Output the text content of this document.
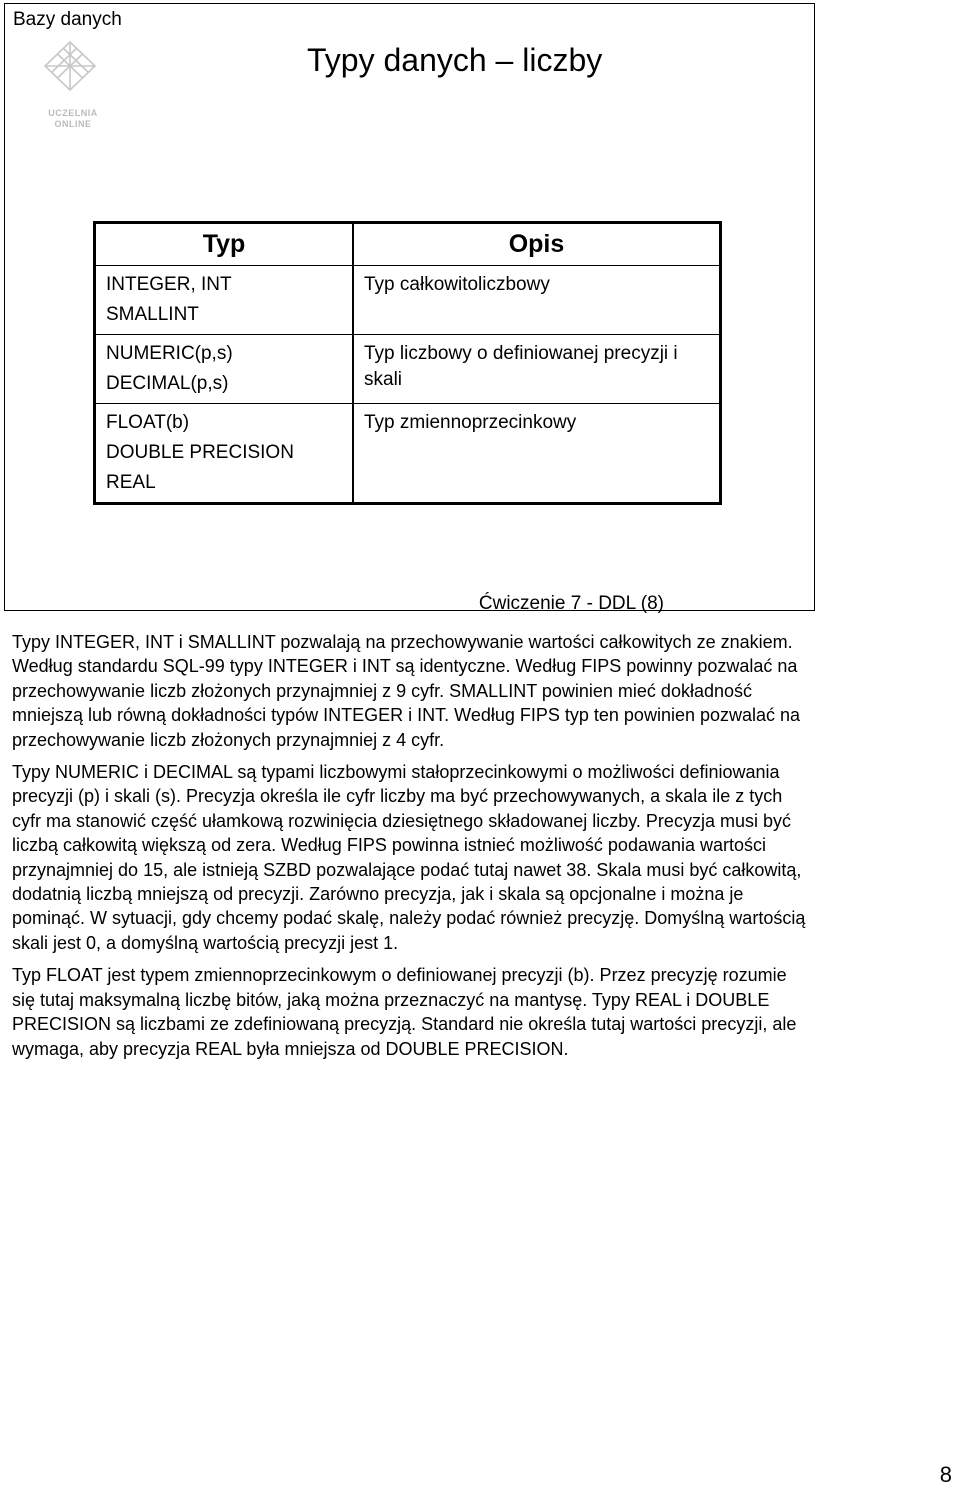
Bazy danych
UCZELNIA ONLINE
Typy danych – liczby
Typ	Opis

INTEGER, INT
SMALLINT	Typ całkowitoliczbowy

NUMERIC(p,s)
DECIMAL(p,s)	Typ liczbowy o definiowanej precyzji i skali

FLOAT(b)
DOUBLE PRECISION
REAL	Typ zmiennoprzecinkowy
Ćwiczenie 7 - DDL (8)

Typy INTEGER, INT i SMALLINT pozwalają na przechowywanie wartości całkowitych ze znakiem. Według standardu SQL-99 typy INTEGER i INT są identyczne. Według FIPS powinny pozwalać na przechowywanie liczb złożonych przynajmniej z 9 cyfr. SMALLINT powinien mieć dokładność mniejszą lub równą dokładności typów INTEGER i INT. Według FIPS typ ten powinien pozwalać na przechowywanie liczb złożonych przynajmniej z 4 cyfr.

Typy NUMERIC i DECIMAL są typami liczbowymi stałoprzecinkowymi o możliwości definiowania precyzji (p) i skali (s). Precyzja określa ile cyfr liczby ma być przechowywanych, a skala ile z tych cyfr ma stanowić część ułamkową rozwinięcia dziesiętnego składowanej liczby. Precyzja musi być liczbą całkowitą większą od zera. Według FIPS powinna istnieć możliwość podawania wartości przynajmniej do 15, ale istnieją SZBD pozwalające podać tutaj nawet 38. Skala musi być całkowitą, dodatnią liczbą mniejszą od precyzji. Zarówno precyzja, jak i skala są opcjonalne i można je pominąć. W sytuacji, gdy chcemy podać skalę, należy podać również precyzję. Domyślną wartością skali jest 0, a domyślną wartością precyzji jest 1.

Typ FLOAT jest typem zmiennoprzecinkowym o definiowanej precyzji (b). Przez precyzję rozumie się tutaj maksymalną liczbę bitów, jaką można przeznaczyć na mantysę. Typy REAL i DOUBLE PRECISION są liczbami ze zdefiniowaną precyzją. Standard nie określa tutaj wartości precyzji, ale wymaga, aby precyzja REAL była mniejsza od DOUBLE PRECISION.

8
